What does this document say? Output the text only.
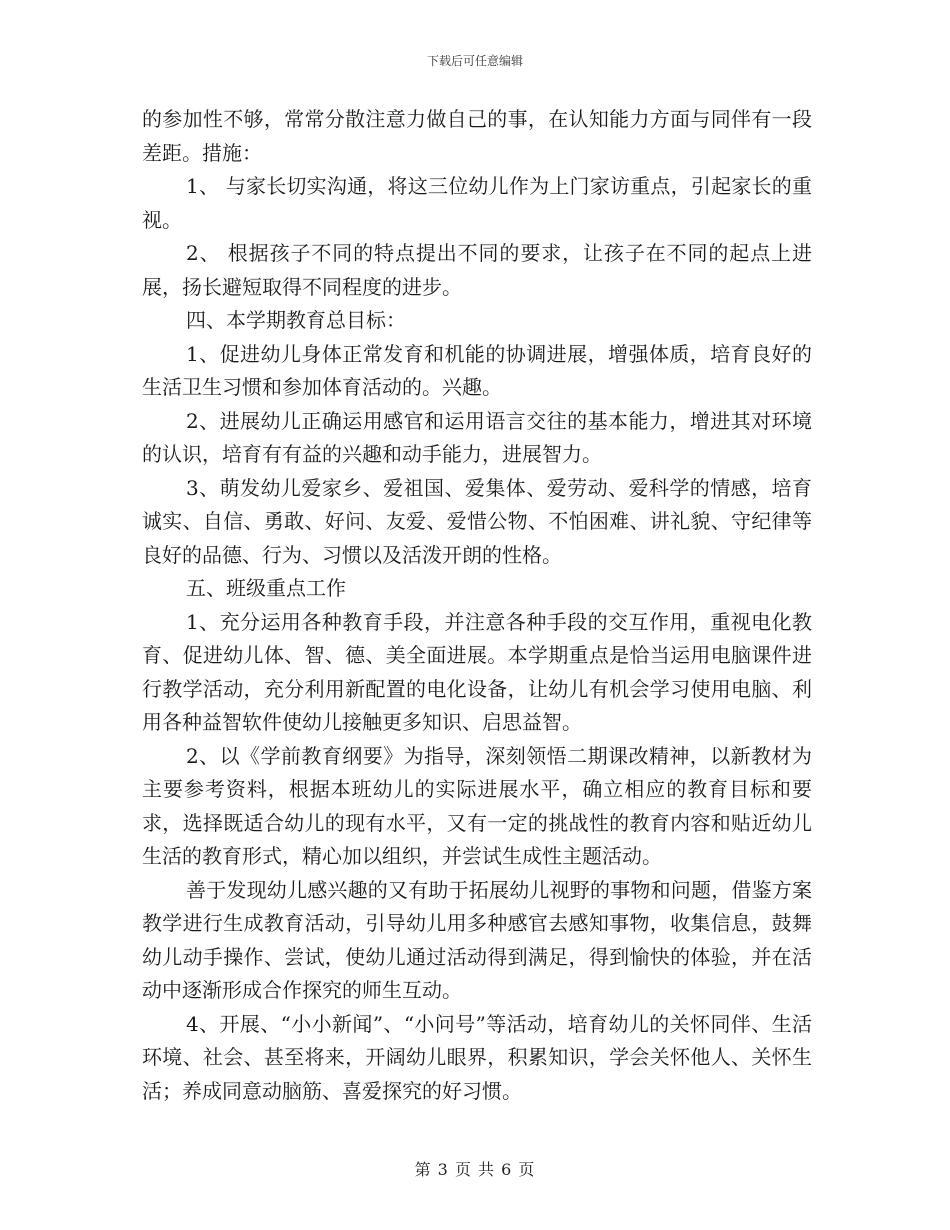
下载后可任意编辑

的参加性不够，常常分散注意力做自己的事，在认知能力方面与同伴有一段差距。措施：

1、 与家长切实沟通，将这三位幼儿作为上门家访重点，引起家长的重视。

2、 根据孩子不同的特点提出不同的要求，让孩子在不同的起点上进展，扬长避短取得不同程度的进步。

四、本学期教育总目标：

1、促进幼儿身体正常发育和机能的协调进展，增强体质，培育良好的生活卫生习惯和参加体育活动的。兴趣。

2、进展幼儿正确运用感官和运用语言交往的基本能力，增进其对环境的认识，培育有有益的兴趣和动手能力，进展智力。

3、萌发幼儿爱家乡、爱祖国、爱集体、爱劳动、爱科学的情感，培育诚实、自信、勇敢、好问、友爱、爱惜公物、不怕困难、讲礼貌、守纪律等良好的品德、行为、习惯以及活泼开朗的性格。

五、班级重点工作

1、充分运用各种教育手段，并注意各种手段的交互作用，重视电化教育、促进幼儿体、智、德、美全面进展。本学期重点是恰当运用电脑课件进行教学活动，充分利用新配置的电化设备，让幼儿有机会学习使用电脑、利用各种益智软件使幼儿接触更多知识、启思益智。

2、以《学前教育纲要》为指导，深刻领悟二期课改精神，以新教材为主要参考资料，根据本班幼儿的实际进展水平，确立相应的教育目标和要求，选择既适合幼儿的现有水平，又有一定的挑战性的教育内容和贴近幼儿生活的教育形式，精心加以组织，并尝试生成性主题活动。

善于发现幼儿感兴趣的又有助于拓展幼儿视野的事物和问题，借鉴方案教学进行生成教育活动，引导幼儿用多种感官去感知事物，收集信息，鼓舞幼儿动手操作、尝试，使幼儿通过活动得到满足，得到愉快的体验，并在活动中逐渐形成合作探究的师生互动。

4、开展、“小小新闻”、“小问号”等活动，培育幼儿的关怀同伴、生活环境、社会、甚至将来，开阔幼儿眼界，积累知识，学会关怀他人、关怀生活；养成同意动脑筋、喜爱探究的好习惯。

第 3 页 共 6 页
